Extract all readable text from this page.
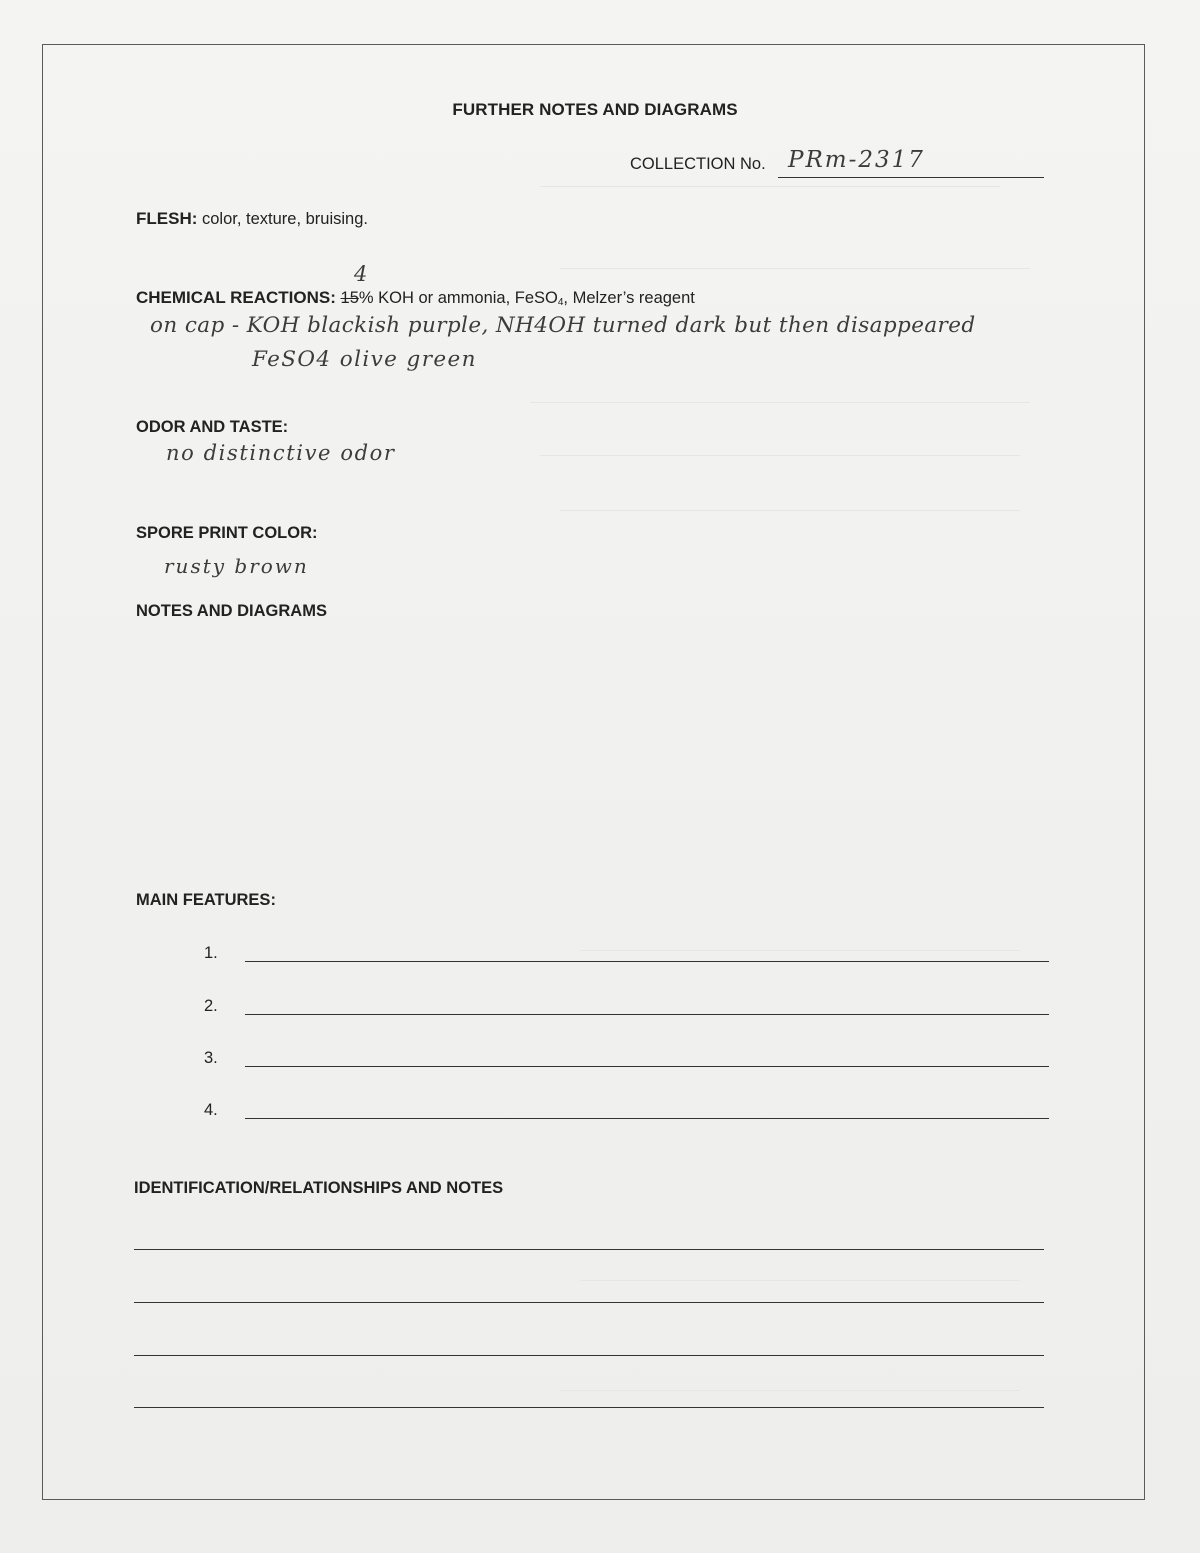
FURTHER NOTES AND DIAGRAMS
COLLECTION No. PRm-2317
FLESH: color, texture, bruising.
CHEMICAL REACTIONS: 15% KOH or ammonia, FeSO$_4$, Melzer’s reagent
4
on cap - KOH blackish purple, NH4OH turned dark but then disappeared
FeSO4 olive green
ODOR AND TASTE:
no distinctive odor
SPORE PRINT COLOR:
rusty brown
NOTES AND DIAGRAMS
MAIN FEATURES:
1.
2.
3.
4.
IDENTIFICATION/RELATIONSHIPS AND NOTES
